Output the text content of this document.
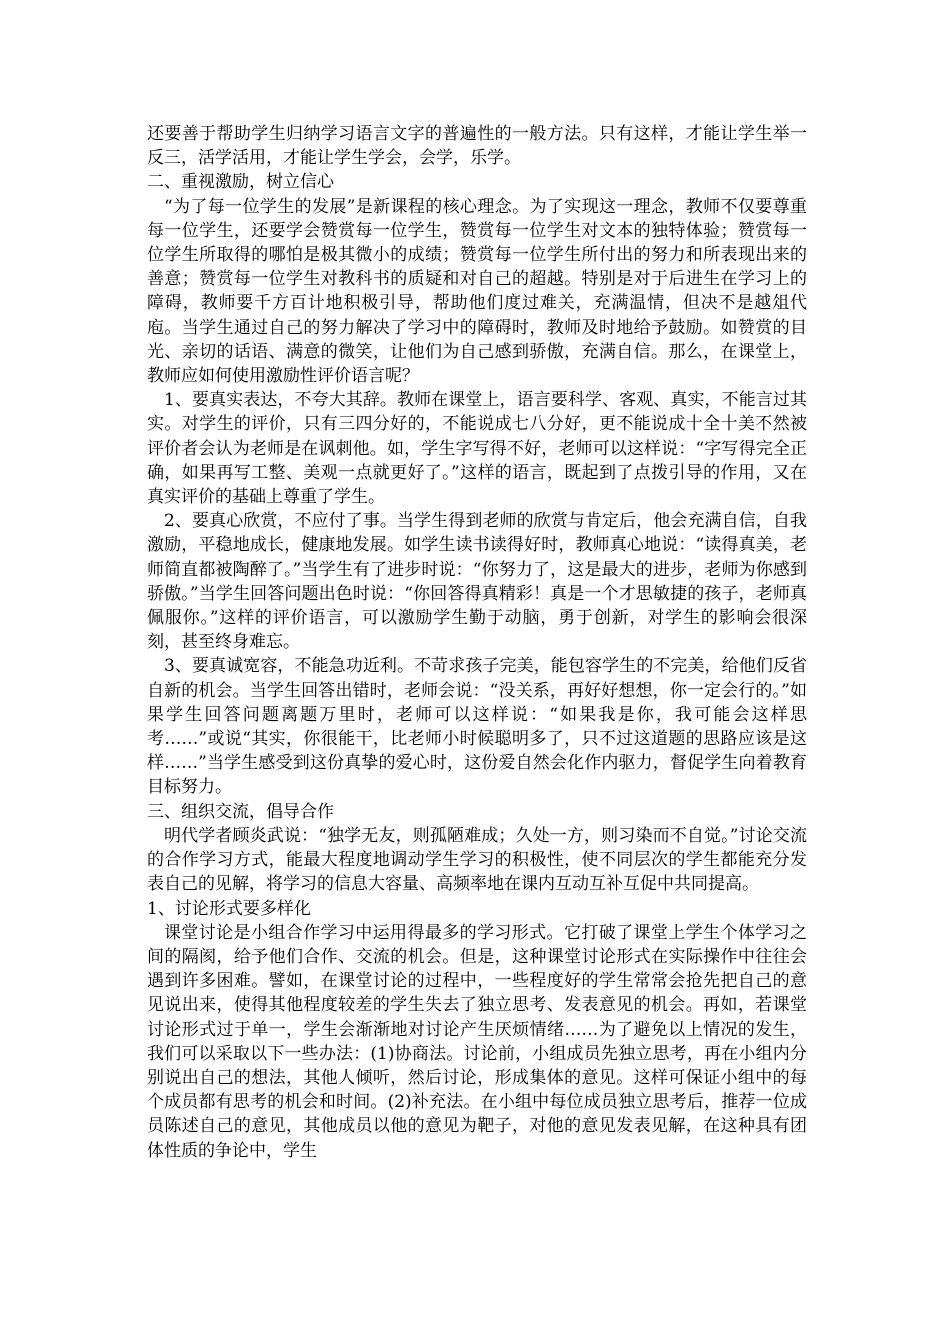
还要善于帮助学生归纳学习语言文字的普遍性的一般方法。只有这样，才能让学生举一反三，活学活用，才能让学生学会，会学，乐学。

二、重视激励，树立信心

“为了每一位学生的发展”是新课程的核心理念。为了实现这一理念，教师不仅要尊重每一位学生，还要学会赞赏每一位学生，赞赏每一位学生对文本的独特体验；赞赏每一位学生所取得的哪怕是极其微小的成绩；赞赏每一位学生所付出的努力和所表现出来的善意；赞赏每一位学生对教科书的质疑和对自己的超越。特别是对于后进生在学习上的障碍，教师要千方百计地积极引导，帮助他们度过难关，充满温情，但决不是越俎代庖。当学生通过自己的努力解决了学习中的障碍时，教师及时地给予鼓励。如赞赏的目光、亲切的话语、满意的微笑，让他们为自己感到骄傲，充满自信。那么，在课堂上，教师应如何使用激励性评价语言呢？

1、要真实表达，不夸大其辞。教师在课堂上，语言要科学、客观、真实，不能言过其实。对学生的评价，只有三四分好的，不能说成七八分好，更不能说成十全十美不然被评价者会认为老师是在讽刺他。如，学生字写得不好，老师可以这样说：“字写得完全正确，如果再写工整、美观一点就更好了。”这样的语言，既起到了点拨引导的作用，又在真实评价的基础上尊重了学生。

2、要真心欣赏，不应付了事。当学生得到老师的欣赏与肯定后，他会充满自信，自我激励，平稳地成长，健康地发展。如学生读书读得好时，教师真心地说：“读得真美，老师简直都被陶醉了。”当学生有了进步时说：“你努力了，这是最大的进步，老师为你感到骄傲。”当学生回答问题出色时说：“你回答得真精彩！真是一个才思敏捷的孩子，老师真佩服你。”这样的评价语言，可以激励学生勤于动脑，勇于创新，对学生的影响会很深刻，甚至终身难忘。

3、要真诚宽容，不能急功近利。不苛求孩子完美，能包容学生的不完美，给他们反省自新的机会。当学生回答出错时，老师会说：“没关系，再好好想想，你一定会行的。”如果学生回答问题离题万里时，老师可以这样说：“如果我是你，我可能会这样思考……”或说“其实，你很能干，比老师小时候聪明多了，只不过这道题的思路应该是这样……”当学生感受到这份真挚的爱心时，这份爱自然会化作内驱力，督促学生向着教育目标努力。

三、组织交流，倡导合作

明代学者顾炎武说：“独学无友，则孤陋难成；久处一方，则习染而不自觉。”讨论交流的合作学习方式，能最大程度地调动学生学习的积极性，使不同层次的学生都能充分发表自己的见解，将学习的信息大容量、高频率地在课内互动互补互促中共同提高。

1、讨论形式要多样化

课堂讨论是小组合作学习中运用得最多的学习形式。它打破了课堂上学生个体学习之间的隔阂，给予他们合作、交流的机会。但是，这种课堂讨论形式在实际操作中往往会遇到许多困难。譬如，在课堂讨论的过程中，一些程度好的学生常常会抢先把自己的意见说出来，使得其他程度较差的学生失去了独立思考、发表意见的机会。再如，若课堂讨论形式过于单一，学生会渐渐地对讨论产生厌烦情绪……为了避免以上情况的发生，我们可以采取以下一些办法：(1)协商法。讨论前，小组成员先独立思考，再在小组内分别说出自己的想法，其他人倾听，然后讨论，形成集体的意见。这样可保证小组中的每个成员都有思考的机会和时间。(2)补充法。在小组中每位成员独立思考后，推荐一位成员陈述自己的意见，其他成员以他的意见为靶子，对他的意见发表见解，在这种具有团体性质的争论中，学生
